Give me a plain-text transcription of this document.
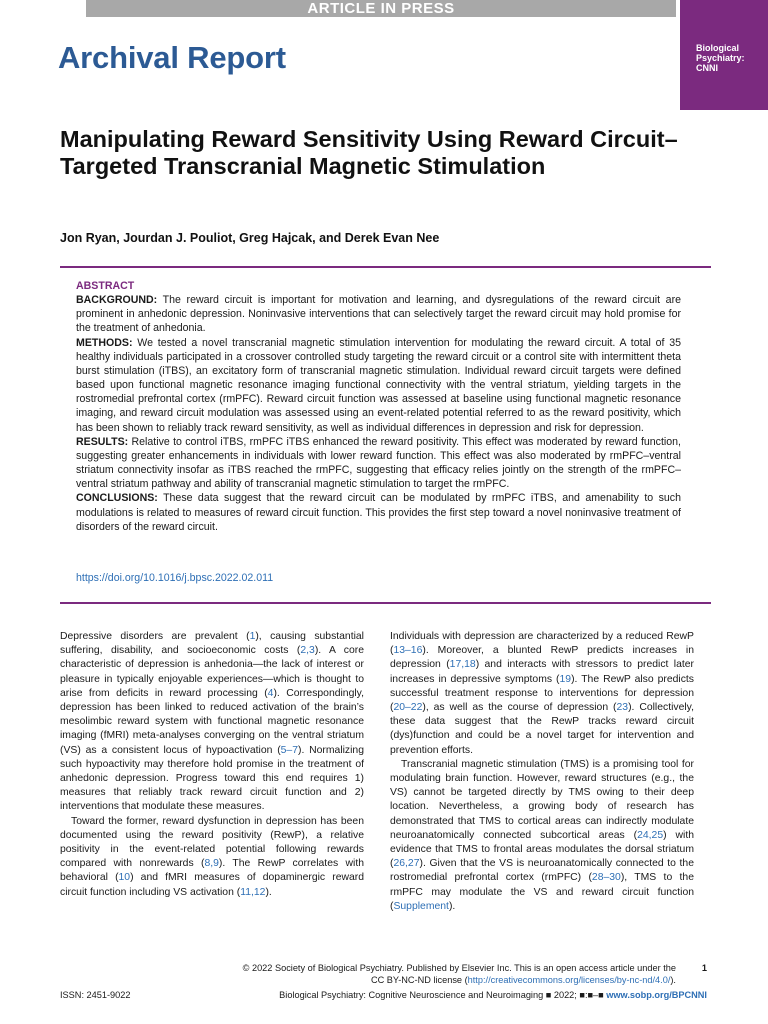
ARTICLE IN PRESS
Biological
Psychiatry:
CNNI
Archival Report
Manipulating Reward Sensitivity Using Reward Circuit–Targeted Transcranial Magnetic Stimulation

Jon Ryan, Jourdan J. Pouliot, Greg Hajcak, and Derek Evan Nee

ABSTRACT

BACKGROUND: The reward circuit is important for motivation and learning, and dysregulations of the reward circuit are prominent in anhedonic depression. Noninvasive interventions that can selectively target the reward circuit may hold promise for the treatment of anhedonia.

METHODS: We tested a novel transcranial magnetic stimulation intervention for modulating the reward circuit. A total of 35 healthy individuals participated in a crossover controlled study targeting the reward circuit or a control site with intermittent theta burst stimulation (iTBS), an excitatory form of transcranial magnetic stimulation. Individual reward circuit targets were defined based upon functional magnetic resonance imaging functional connectivity with the ventral striatum, yielding targets in the rostromedial prefrontal cortex (rmPFC). Reward circuit function was assessed at baseline using functional magnetic resonance imaging, and reward circuit modulation was assessed using an event-related potential referred to as the reward positivity, which has been shown to reliably track reward sensitivity, as well as individual differences in depression and risk for depression.

RESULTS: Relative to control iTBS, rmPFC iTBS enhanced the reward positivity. This effect was moderated by reward function, suggesting greater enhancements in individuals with lower reward function. This effect was also moderated by rmPFC–ventral striatum connectivity insofar as iTBS reached the rmPFC, suggesting that efficacy relies jointly on the strength of the rmPFC–ventral striatum pathway and ability of transcranial magnetic stimulation to target the rmPFC.

CONCLUSIONS: These data suggest that the reward circuit can be modulated by rmPFC iTBS, and amenability to such modulations is related to measures of reward circuit function. This provides the first step toward a novel noninvasive treatment of disorders of the reward circuit.

https://doi.org/10.1016/j.bpsc.2022.02.011

Depressive disorders are prevalent (1), causing substantial suffering, disability, and socioeconomic costs (2,3). A core characteristic of depression is anhedonia—the lack of interest or pleasure in typically enjoyable experiences—which is thought to arise from deficits in reward processing (4). Correspondingly, depression has been linked to reduced activation of the brain’s mesolimbic reward system with functional magnetic resonance imaging (fMRI) meta-analyses converging on the ventral striatum (VS) as a consistent locus of hypoactivation (5–7). Normalizing such hypoactivity may therefore hold promise in the treatment of anhedonic depression. Progress toward this end requires 1) measures that reliably track reward circuit function and 2) interventions that modulate these measures.

Toward the former, reward dysfunction in depression has been documented using the reward positivity (RewP), a relative positivity in the event-related potential following rewards compared with nonrewards (8,9). The RewP correlates with behavioral (10) and fMRI measures of dopaminergic reward circuit function including VS activation (11,12).

Individuals with depression are characterized by a reduced RewP (13–16). Moreover, a blunted RewP predicts increases in depression (17,18) and interacts with stressors to predict later increases in depressive symptoms (19). The RewP also predicts successful treatment response to interventions for depression (20–22), as well as the course of depression (23). Collectively, these data suggest that the RewP tracks reward circuit (dys)function and could be a novel target for intervention and prevention efforts.

Transcranial magnetic stimulation (TMS) is a promising tool for modulating brain function. However, reward structures (e.g., the VS) cannot be targeted directly by TMS owing to their deep location. Nevertheless, a growing body of research has demonstrated that TMS to cortical areas can indirectly modulate neuroanatomically connected subcortical areas (24,25) with evidence that TMS to frontal areas modulates the dorsal striatum (26,27). Given that the VS is neuroanatomically connected to the rostromedial prefrontal cortex (rmPFC) (28–30), TMS to the rmPFC may modulate the VS and reward circuit function (Supplement).

© 2022 Society of Biological Psychiatry. Published by Elsevier Inc. This is an open access article under the	1
CC BY-NC-ND license (http://creativecommons.org/licenses/by-nc-nd/4.0/).
ISSN: 2451-9022	Biological Psychiatry: Cognitive Neuroscience and Neuroimaging ■ 2022; ■:■–■ www.sobp.org/BPCNNI
